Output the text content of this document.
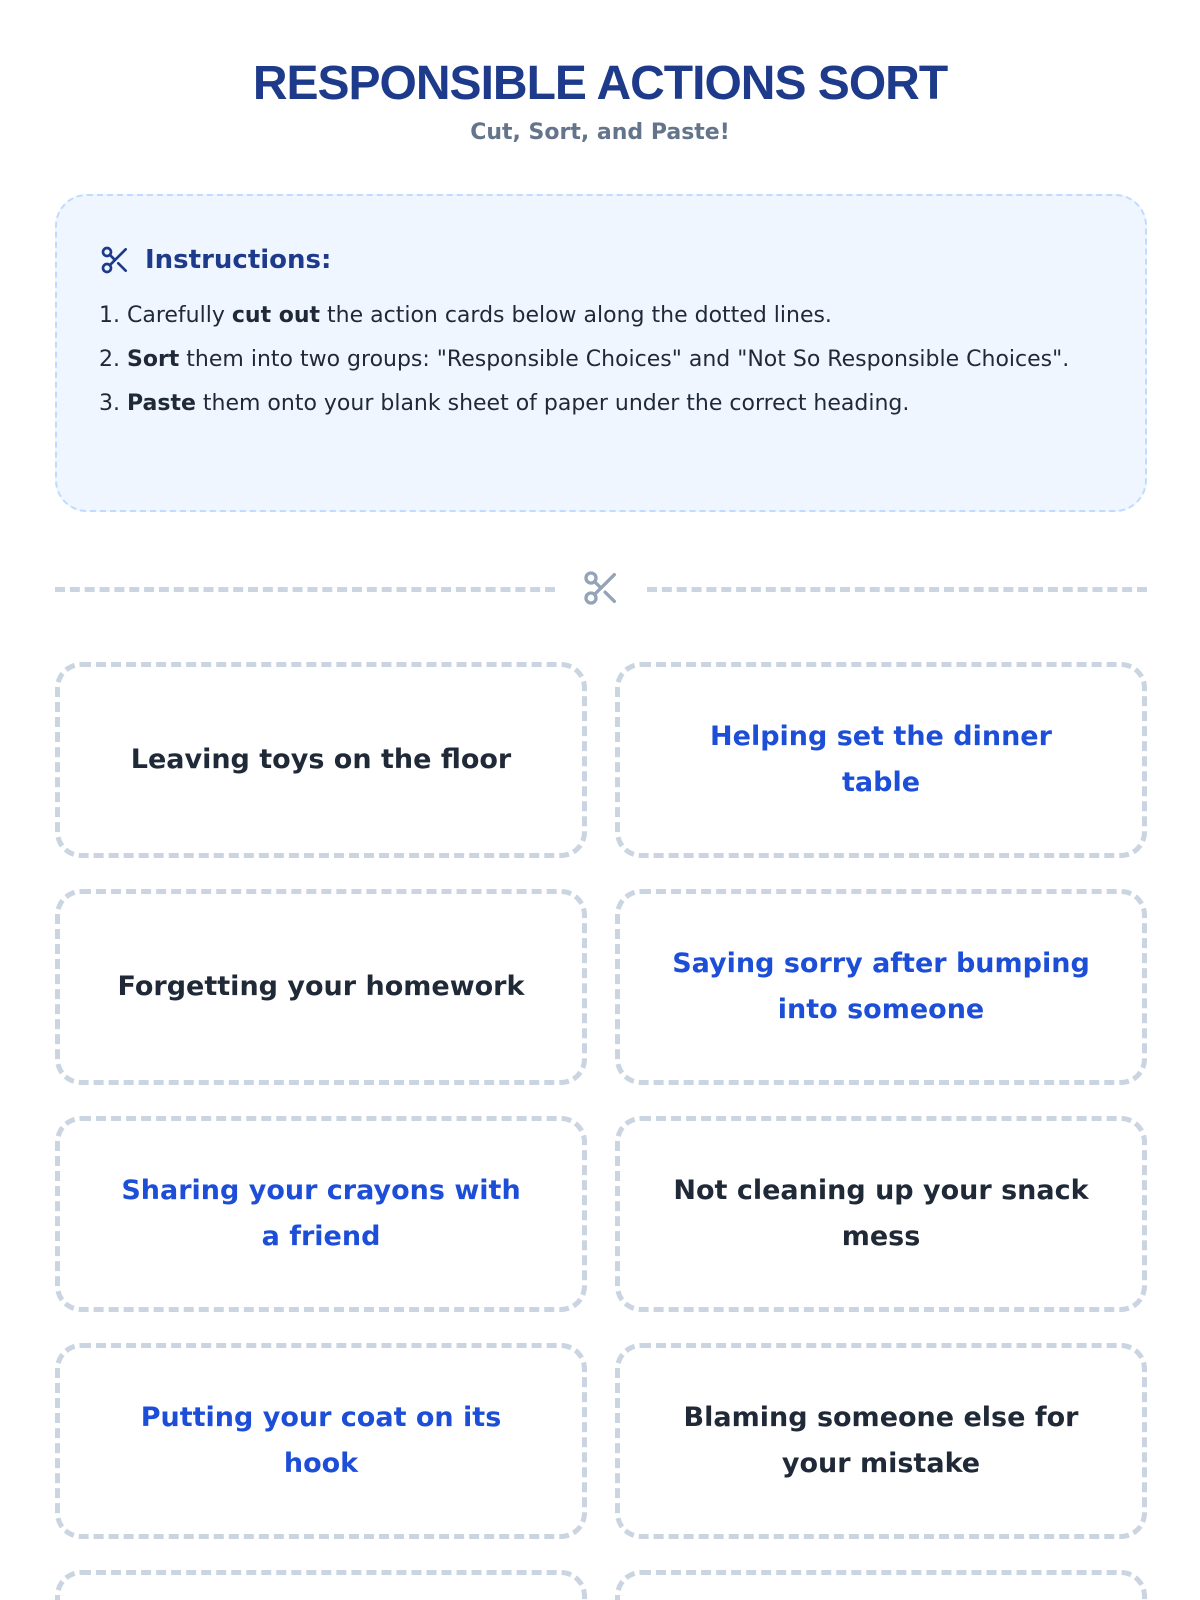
RESPONSIBLE ACTIONS SORT
Cut, Sort, and Paste!
Instructions:
1. Carefully cut out the action cards below along the dotted lines.
2. Sort them into two groups: "Responsible Choices" and "Not So Responsible Choices".
3. Paste them onto your blank sheet of paper under the correct heading.
Leaving toys on the floor
Helping set the dinner table
Forgetting your homework
Saying sorry after bumping into someone
Sharing your crayons with a friend
Not cleaning up your snack mess
Putting your coat on its hook
Blaming someone else for your mistake
